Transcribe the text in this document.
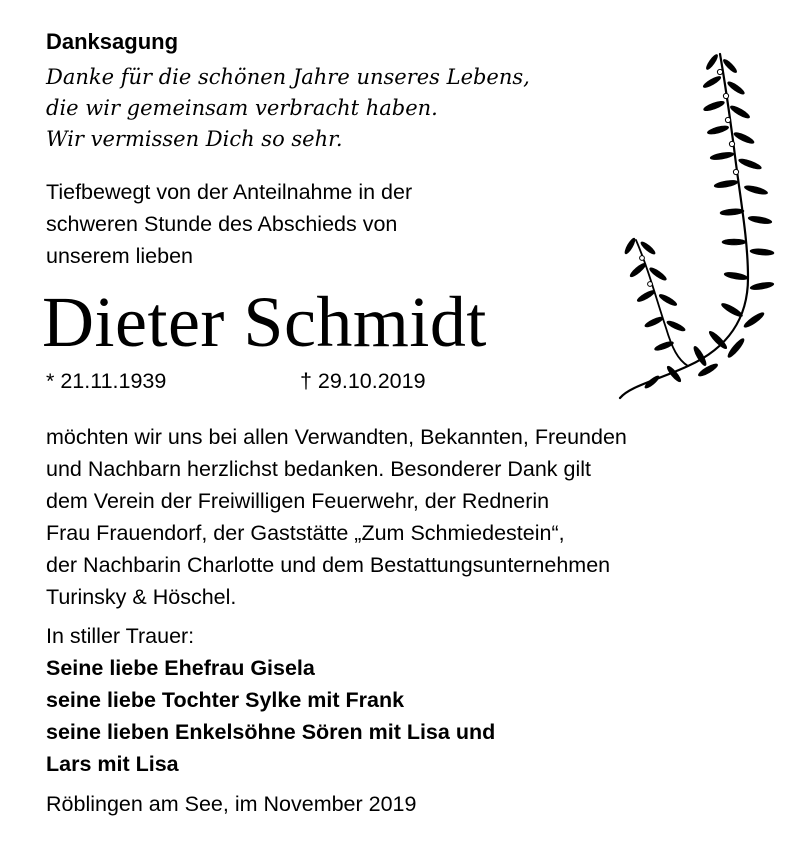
Danksagung
Danke für die schönen Jahre unseres Lebens,
die wir gemeinsam verbracht haben.
Wir vermissen Dich so sehr.
Tiefbewegt von der Anteilnahme in der
schweren Stunde des Abschieds von
unserem lieben
Dieter Schmidt
* 21.11.1939	† 29.10.2019
möchten wir uns bei allen Verwandten, Bekannten, Freunden
und Nachbarn herzlichst bedanken. Besonderer Dank gilt
dem Verein der Freiwilligen Feuerwehr, der Rednerin
Frau Frauendorf, der Gaststätte „Zum Schmiedestein“,
der Nachbarin Charlotte und dem Bestattungsunternehmen
Turinsky & Höschel.
In stiller Trauer:
Seine liebe Ehefrau Gisela
seine liebe Tochter Sylke mit Frank
seine lieben Enkelsöhne Sören mit Lisa und
Lars mit Lisa
Röblingen am See, im November 2019
